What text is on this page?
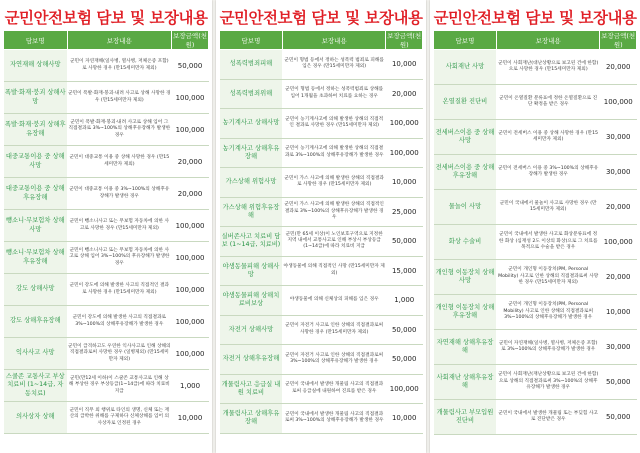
군민안전보험 담보 및 보장내용
담보명	보장내용	보장금액(천원)
자연재해 상해사망	군민이 자연재해(일사병, 열사병, 저체온증 포함)로 사망한 경우 (만15세미만자 제외)	50,000
폭발·화재·붕괴 상해사망	군민이 폭발·화재·붕괴·내려 사고로 상해 사망한 경우 (만15세미만자 제외)	100,000
폭발·화재·붕괴 상해후유장해	군민이 폭발·화재·붕괴·내려 사고로 상해 입어 그 직접결과로 3%~100%의 상해후유장해가 발생한 경우	100,000
대중교통이용 중 상해사망	군민이 대중교통 이용 중 상해 사망한 경우 (만15세미만자 제외)	20,000
대중교통이용 중 상해후유장해	군민이 대중교통 이용 중 3%~100%의 상해후유장해가 발생한 경우	20,000
뺑소니·무보험차 상해사망	군민이 뺑소니사고 또는 무보험 자동차에 의한 사고로 사망한 경우 (만15세미만자 제외)	100,000
뺑소니·무보험차 상해후유장해	군민이 뺑소니사고 또는 무보험 자동차에 의한 사고로 상해 입어 3%~100%의 후유장해가 발생한 경우	100,000
강도 상해사망	군민이 강도에 의해 발생한 사고의 직접적인 결과로 사망한 경우 (만15세미만자 제외)	100,000
강도 상해후유장해	군민이 강도에 의해 발생한 사고의 직접결과로 3%~100%의 상해후유장해가 발생한 경우	100,000
익사사고 사망	군민이 급격하고도 우연한 익사사고로 인해 상해의 직접결과로써 사망한 경우 (일병제외) (만15세미만자 제외)	100,000
스쿨존 교통사고 부상치료비 (1~14급, 자동치료)	군민(만12세 이하)이 스쿨존 교통사고로 인해 상해 부상한 경우 부상등급(1~14급)에 따라 치료비 지급	1,000
의사상자 상해	군민이 직무 외 행위로 타인의 생명, 신체 또는 재산의 급박한 위해를 구제하다 신체상해를 입어 의사상자로 인정된 경우	10,000
군민안전보험 담보 및 보장내용
담보명	보장내용	보장금액(천원)
성폭력범죄피해	군민이 형법 등에서 정하는 성폭력 범죄로 피해를 입은 경우 (만15세미만자 제외)	10,000
성폭력범죄위해	군민이 형법 등에서 정하는 성폭력범죄로 상해를 입어 1개월을 초과하여 치료를 요하는 경우	20,000
농기계사고 상해사망	군민이 농기계사고에 의해 발생한 상해의 직접적인 결과로 사망한 경우 (만15세미만자 제외)	100,000
농기계사고 상해후유장해	군민이 농기계사고에 의해 발생한 상해의 직접결과로 3%~100%의 상해후유장해가 발생한 경우	100,000
가스상해 위험사망	군민이 가스 사고에 의해 발생한 상해의 직접결과로 사망한 경우 (만15세미만자 제외)	10,000
가스상해 위험후유장해	군민이 가스 사고에 의해 발생한 상해의 직접적인 결과로 3%~100%의 상해후유장해가 발생한 경우	25,000
실버존사고 치료비 담보 (1~14급, 치료비)	군민(만 65세 이상)이 노인보호구역으로 지정한 지역 내에서 교통사고로 인해 부상시 부상등급(1~14급)에 따라 치료비 지급	50,000
야생동물피해 상해사망	야생동물에 의해 직접적인 사망 (만15세미만자 제외)	15,000
야생동물피해 상해치료비보상	야생동물에 의해 신체상의 피해를 입은 경우	1,000
자전거 상해사망	군민이 자전거 사고로 인한 상해의 직접결과로써 사망한 경우 (만15세미만자 제외)	50,000
자전거 상해후유장해	군민이 자전거 사고로 인한 상해의 직접결과로써 3%~100%의 상해후유장해가 발생한 경우	50,000
개물림사고 응급실 내원 치료비	군민이 국내에서 발생한 개물림 사고의 직접결과로써 응급실에 내원하여 진료를 받은 경우	100,000
개물림사고 상해후유장해	군민이 국내에서 발생한 개물림 사고의 직접결과로써 3%~100%의 상해후유장해가 발생한 경우	10,000
군민안전보험 담보 및 보장내용
담보명	보장내용	보장금액(천원)
사회재난 사망	군민이 사회재난(대난상황으로 보고된 건에 한함)으로 사망한 경우 (만15세미만자 제외)	20,000
온열질환 진단비	군민이 온열질환 분류표에 정한 온열질환으로 진단 확정을 받은 경우	100,000
전세버스이용 중 상해사망	군민이 전세버스 이용 중 상해 사망한 경우 (만15세미만자 제외)	30,000
전세버스이용 중 상해후유장해	군민이 전세버스 이용 중 3%~100%의 상해후유장해가 발생한 경우	30,000
물놀이 사망	군민이 국내에서 물놀이 사고로 사망한 경우 (만15세미만자 제외)	20,000
화상 수술비	군민이 국내에서 발생한 사고로 화상분류표에 정한 화상 (심재성 2도 이상의 화상)으로 그 치료를 목적으로 수술을 받은 경우	100,000
개인형 이동장치 상해사망	군민이 개인형 이동장치(PM, Personal Mobility) 사고로 인한 상해의 직접결과로써 사망한 경우 (만15세미만자 제외)	20,000
개인형 이동장치 상해후유장해	군민이 개인형 이동장치(PM, Personal Mobility) 사고로 인한 상해의 직접결과로써 3%~100%의 상해후유장해가 발생한 경우	10,000
자연재해 상해후유장해	군민이 자연재해(일사병, 열사병, 저체온증 포함)로 3%~100%의 상해후유장해가 발생한 경우	30,000
사회재난 상해후유장해	군민이 사회재난(재난상황으로 보고된 건에 한함)으로 상해의 직접결과로써 3%~100%의 상해후유장해가 발생한 경우	50,000
개물림사고 부모입원 진단비	군민이 국내에서 발생한 개물림 또는 부딪힘 사고로 진단받은 경우	50,000
